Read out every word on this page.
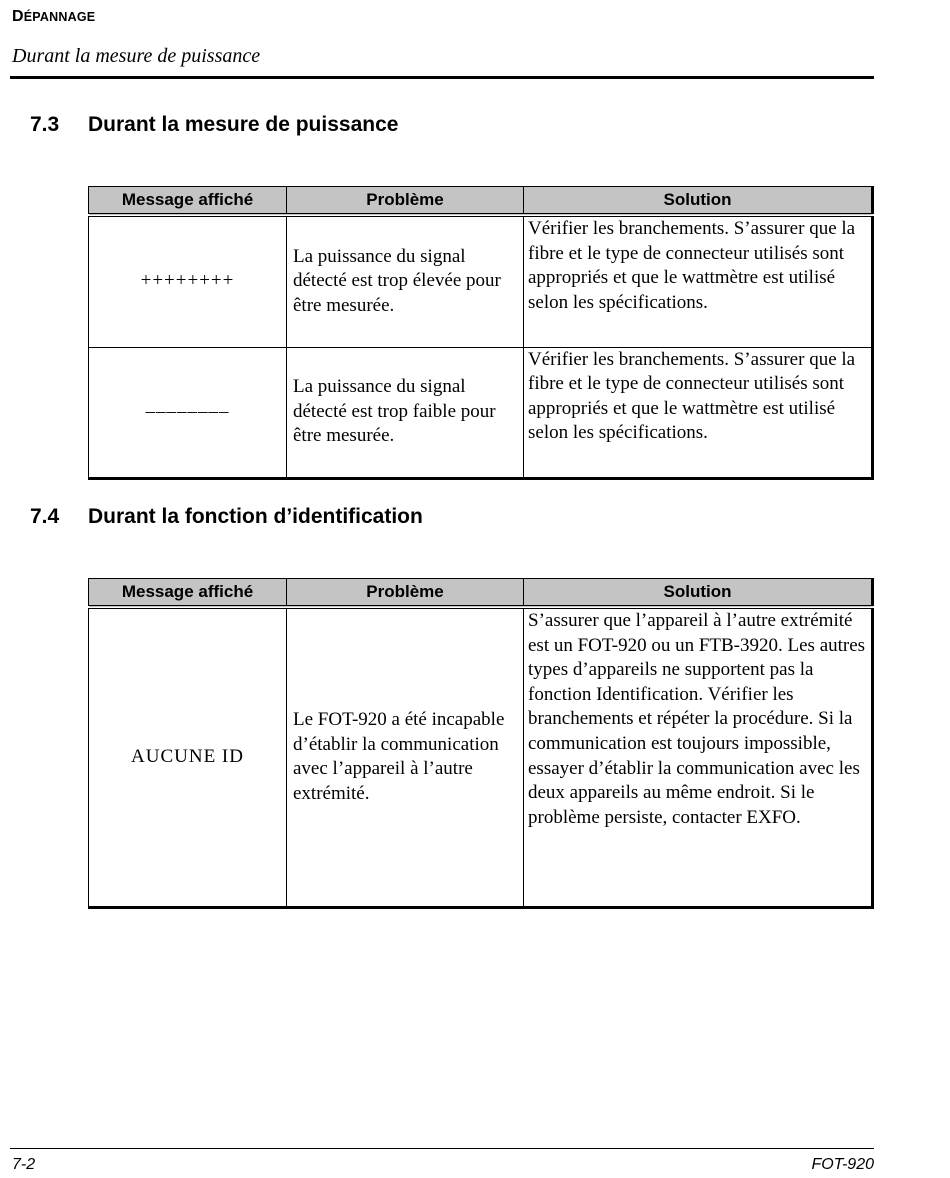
DÉPANNAGE
Durant la mesure de puissance
7.3 Durant la mesure de puissance
Message affiché	Problème	Solution
++++++++	La puissance du signal détecté est trop élevée pour être mesurée.	Vérifier les branchements. S’assurer que la fibre et le type de connecteur utilisés sont appropriés et que le wattmètre est utilisé selon les spécifications.
––––––––	La puissance du signal détecté est trop faible pour être mesurée.	Vérifier les branchements. S’assurer que la fibre et le type de connecteur utilisés sont appropriés et que le wattmètre est utilisé selon les spécifications.
7.4 Durant la fonction d’identification
Message affiché	Problème	Solution
AUCUNE ID	Le FOT-920 a été incapable d’établir la communication avec l’appareil à l’autre extrémité.	S’assurer que l’appareil à l’autre extrémité est un FOT-920 ou un FTB-3920. Les autres types d’appareils ne supportent pas la fonction Identification. Vérifier les branchements et répéter la procédure. Si la communication est toujours impossible, essayer d’établir la communication avec les deux appareils au même endroit. Si le problème persiste, contacter EXFO.
7-2	FOT-920
